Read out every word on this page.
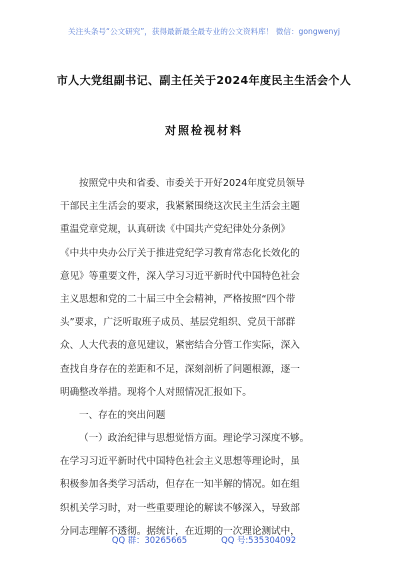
关注头条号“公文研究”，获得最新最全最专业的公文资料库！ 微信：gongwenyj
市人大党组副书记、副主任关于2024年度民主生活会个人
对照检视材料
按照党中央和省委、市委关于开好2024年度党员领导
干部民主生活会的要求，我紧紧围绕这次民主生活会主题
重温党章党规，认真研读《中国共产党纪律处分条例》
《中共中央办公厅关于推进党纪学习教育常态化长效化的
意见》等重要文件，深入学习习近平新时代中国特色社会
主义思想和党的二十届三中全会精神，严格按照“四个带
头”要求，广泛听取班子成员、基层党组织、党员干部群
众、人大代表的意见建议，紧密结合分管工作实际，深入
查找自身存在的差距和不足，深刻剖析了问题根源，逐一
明确整改举措。现将个人对照情况汇报如下。
一、存在的突出问题
（一）政治纪律与思想觉悟方面。理论学习深度不够。
在学习习近平新时代中国特色社会主义思想等理论时，虽
积极参加各类学习活动，但存在一知半解的情况。如在组
织机关学习时，对一些重要理论的解读不够深入，导致部
分同志理解不透彻。据统计，在近期的一次理论测试中，
QQ 群：30265665	QQ 号:535304092
